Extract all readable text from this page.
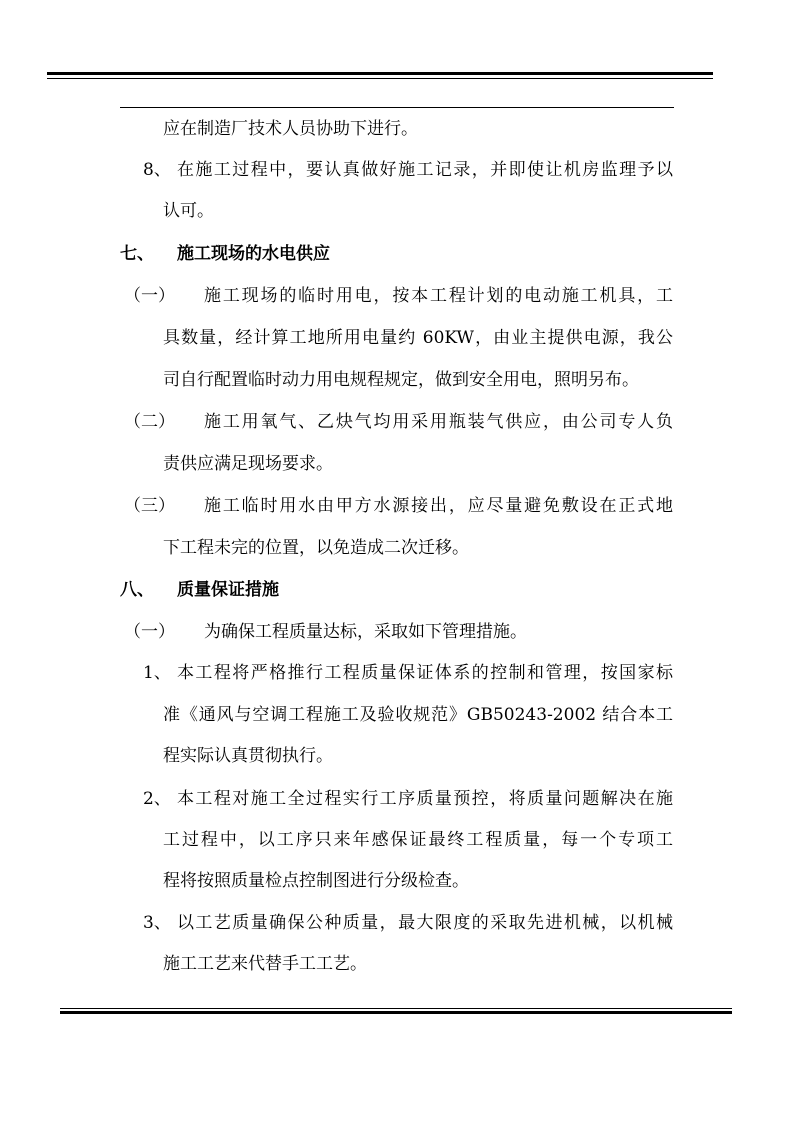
应在制造厂技术人员协助下进行。
8、 在施工过程中，要认真做好施工记录，并即使让机房监理予以
认可。
七、 施工现场的水电供应
（一） 施工现场的临时用电，按本工程计划的电动施工机具，工
具数量，经计算工地所用电量约 60KW，由业主提供电源，我公
司自行配置临时动力用电规程规定，做到安全用电，照明另布。
（二） 施工用氧气、乙炔气均用采用瓶装气供应，由公司专人负
责供应满足现场要求。
（三） 施工临时用水由甲方水源接出，应尽量避免敷设在正式地
下工程未完的位置，以免造成二次迁移。
八、 质量保证措施
（一） 为确保工程质量达标，采取如下管理措施。
1、 本工程将严格推行工程质量保证体系的控制和管理，按国家标
准《通风与空调工程施工及验收规范》GB50243-2002 结合本工
程实际认真贯彻执行。
2、 本工程对施工全过程实行工序质量预控，将质量问题解决在施
工过程中，以工序只来年感保证最终工程质量，每一个专项工
程将按照质量检点控制图进行分级检查。
3、 以工艺质量确保公种质量，最大限度的采取先进机械，以机械
施工工艺来代替手工工艺。
